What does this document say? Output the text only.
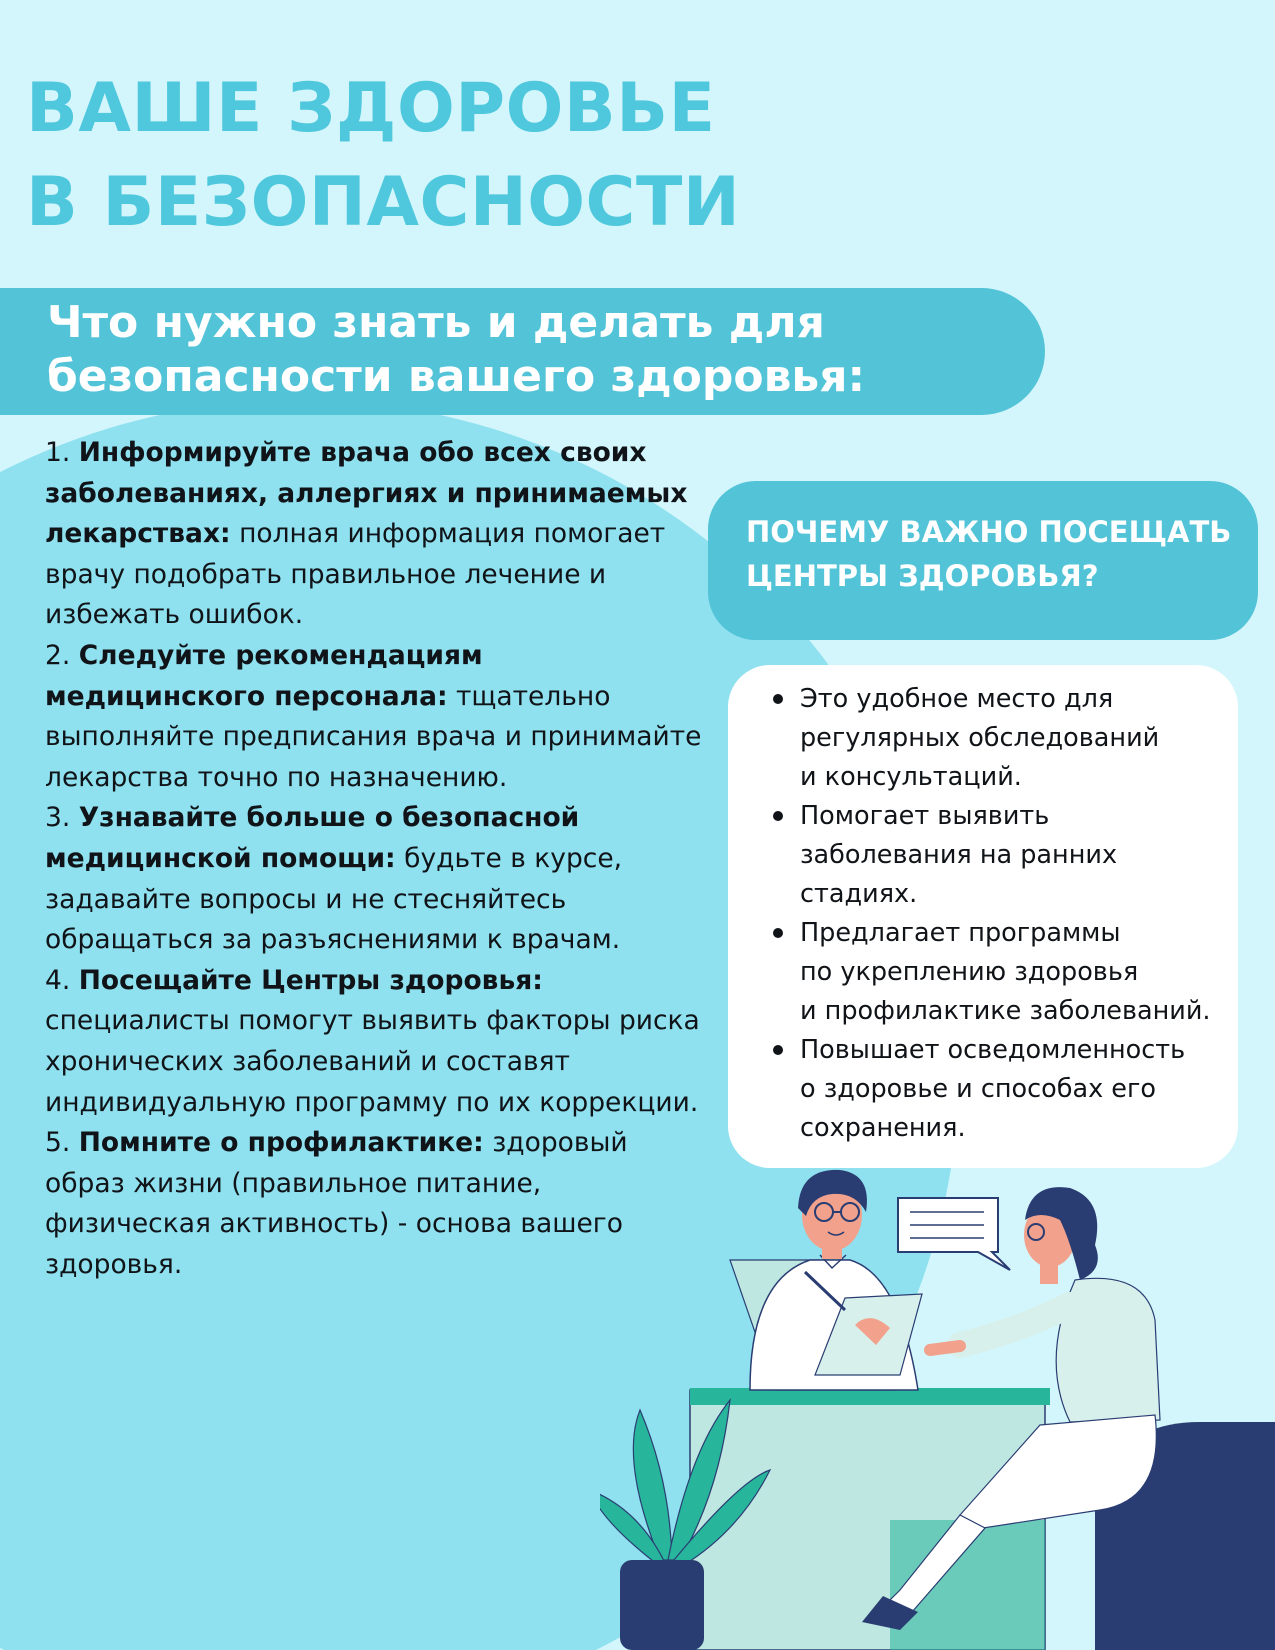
ВАШЕ ЗДОРОВЬЕ
В БЕЗОПАСНОСТИ
Что нужно знать и делать для
безопасности вашего здоровья:

1. Информируйте врача обо всех своих заболеваниях, аллергиях и принимаемых лекарствах: полная информация помогает врачу подобрать правильное лечение и избежать ошибок.

2. Следуйте рекомендациям медицинского персонала: тщательно выполняйте предписания врача и принимайте лекарства точно по назначению.

3. Узнавайте больше о безопасной медицинской помощи: будьте в курсе, задавайте вопросы и не стесняйтесь обращаться за разъяснениями к врачам.

4. Посещайте Центры здоровья: специалисты помогут выявить факторы риска хронических заболеваний и составят индивидуальную программу по их коррекции.

5. Помните о профилактике: здоровый образ жизни (правильное питание, физическая активность) - основа вашего здоровья.

ПОЧЕМУ ВАЖНО ПОСЕЩАТЬ
ЦЕНТРЫ ЗДОРОВЬЯ?
Это удобное место для
регулярных обследований
и консультаций.
Помогает выявить
заболевания на ранних
стадиях.
Предлагает программы
по укреплению здоровья
и профилактике заболеваний.
Повышает осведомленность
о здоровье и способах его
сохранения.
